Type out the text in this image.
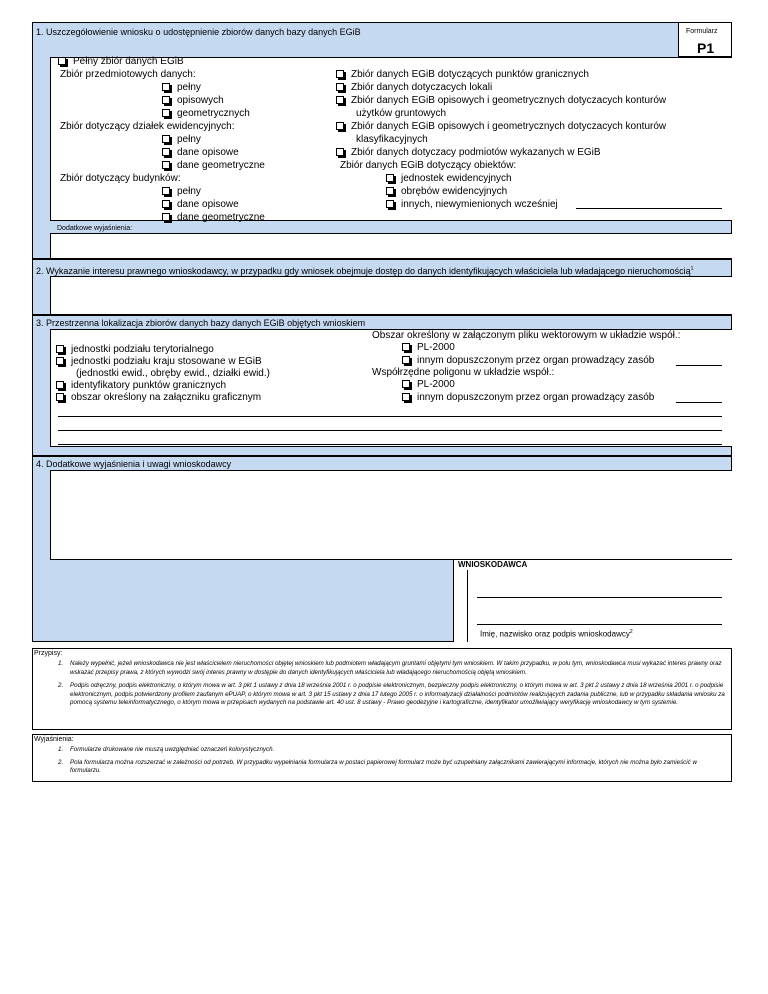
1. Uszczegółowienie wniosku o udostępnienie zbiorów danych bazy danych EGiB	Formularz
P1
Pełny zbiór danych EGiB
Zbiór przedmiotowych danych:
pełny
opisowych
geometrycznych
Zbiór dotyczący działek ewidencyjnych:
pełny
dane opisowe
dane geometryczne
Zbiór dotyczący budynków:
pełny
dane opisowe
dane geometryczne
Zbiór danych EGiB dotyczących punktów granicznych
Zbiór danych dotyczacych lokali
Zbiór danych EGiB opisowych i geometrycznych dotyczacych konturów
użytków gruntowych
Zbiór danych EGiB opisowych i geometrycznych dotyczacych konturów
klasyfikacyjnych
Zbiór danych dotyczacy podmiotów wykazanych w EGiB
Zbiór danych EGiB dotyczący obiektów:
jednostek ewidencyjnych
obrębów ewidencyjnych
innych, niewymienionych wcześniej
Dodatkowe wyjaśnienia:
2. Wykazanie interesu prawnego wnioskodawcy, w przypadku gdy wniosek obejmuje dostęp do danych identyfikujących właściciela lub władającego nieruchomością$^1$
3. Przestrzenna lokalizacja zbiorów danych bazy danych EGiB objętych wnioskiem
jednostki podziału terytorialnego
jednostki podziału kraju stosowane w EGiB
(jednostki ewid., obręby ewid., działki ewid.)
identyfikatory punktów granicznych
obszar określony na załączniku graficznym
Obszar określony w załączonym pliku wektorowym w układzie współ.:
PL-2000
innym dopuszczonym przez organ prowadzący zasób
Współrzędne poligonu w układzie współ.:
PL-2000
innym dopuszczonym przez organ prowadzący zasób
4. Dodatkowe wyjaśnienia i uwagi wnioskodawcy
WNIOSKODAWCA
Imię, nazwisko oraz podpis wnioskodawcy$^2$
Przypisy:
1.	Należy wypełnić, jeżeli wnioskodawca nie jest właścicielem nieruchomości objętej wnioskiem lub podmiotem władającym gruntami objętymi tym wnioskiem. W takim przypadku, w polu tym, wnioskodawca musi wykazać interes prawny oraz wskazać przepisy prawa, z których wywodzi swój interes prawny w dostępie do danych identyfikujących właściciela lub władającego nieruchomością objętą wnioskiem.
2.	Podpis odręczny, podpis elektroniczny, o którym mowa w art. 3 pkt 1 ustawy z dnia 18 września 2001 r. o podpisie elektronicznym, bezpieczny podpis elektroniczny, o którym mowa w art. 3 pkt 2 ustawy z dnia 18 września 2001 r. o podpisie elektronicznym, podpis potwierdzony profilem zaufanym ePUAP, o którym mowa w art. 3 pkt 15 ustawy z dnia 17 lutego 2005 r. o informatyzacji działalności podmiotów realizujących zadania publiczne, lub w przypadku składania wniosku za pomocą systemu teleinformatycznego, o którym mowa w przepisach wydanych na podstawie art. 40 ust. 8 ustawy - Prawo geodezyjne i kartograficzne, identyfikator umożliwiający weryfikację wnioskodawcy w tym systemie.
Wyjaśnienia:
1.	Formularze drukowane nie muszą uwzględniać oznaczeń kolorystycznych.
2.	Pola formularza można rozszerzać w zależności od potrzeb. W przypadku wypełniania formularza w postaci papierowej formularz może być uzupełniany załącznikami zawierającymi informacje, których nie można było zamieścić w formularzu.
